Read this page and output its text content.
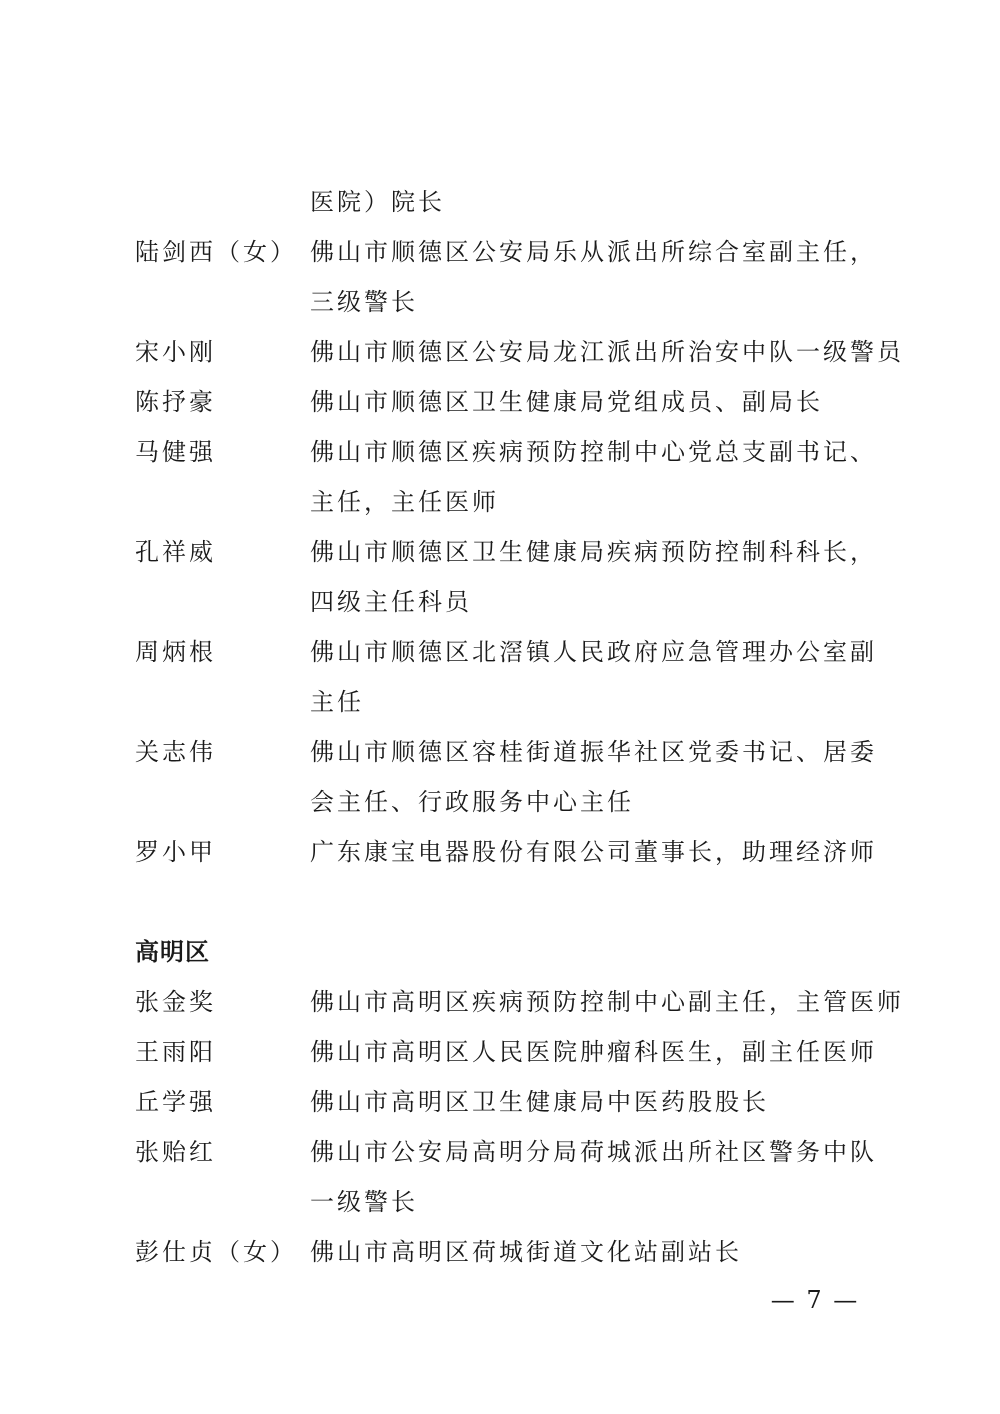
医院）院长
陆剑西（女） 佛山市顺德区公安局乐从派出所综合室副主任，
三级警长
宋小刚	佛山市顺德区公安局龙江派出所治安中队一级警员
陈抒豪	佛山市顺德区卫生健康局党组成员、副局长
马健强	佛山市顺德区疾病预防控制中心党总支副书记、
主任，主任医师
孔祥威	佛山市顺德区卫生健康局疾病预防控制科科长，
四级主任科员
周炳根	佛山市顺德区北滘镇人民政府应急管理办公室副
主任
关志伟	佛山市顺德区容桂街道振华社区党委书记、居委
会主任、行政服务中心主任
罗小甲	广东康宝电器股份有限公司董事长，助理经济师
高明区
张金奖	佛山市高明区疾病预防控制中心副主任，主管医师
王雨阳	佛山市高明区人民医院肿瘤科医生，副主任医师
丘学强	佛山市高明区卫生健康局中医药股股长
张贻红	佛山市公安局高明分局荷城派出所社区警务中队
一级警长
彭仕贞（女） 佛山市高明区荷城街道文化站副站长
— 7 —
